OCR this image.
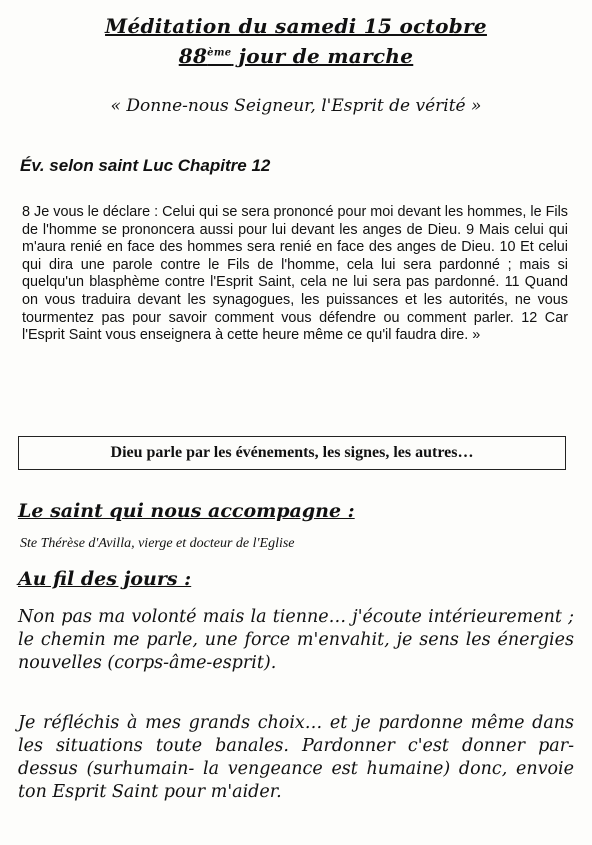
Méditation du samedi 15 octobre
88ème jour de marche
« Donne-nous Seigneur, l'Esprit de vérité »
Év. selon saint Luc Chapitre 12
8 Je vous le déclare : Celui qui se sera prononcé pour moi devant les hommes, le Fils de l'homme se prononcera aussi pour lui devant les anges de Dieu. 9 Mais celui qui m'aura renié en face des hommes sera renié en face des anges de Dieu. 10 Et celui qui dira une parole contre le Fils de l'homme, cela lui sera pardonné ; mais si quelqu'un blasphème contre l'Esprit Saint, cela ne lui sera pas pardonné. 11 Quand on vous traduira devant les synagogues, les puissances et les autorités, ne vous tourmentez pas pour savoir comment vous défendre ou comment parler. 12 Car l'Esprit Saint vous enseignera à cette heure même ce qu'il faudra dire. »
Dieu parle par les événements, les signes, les autres…
Le saint qui nous accompagne :
Ste Thérèse d'Avilla, vierge et docteur de l'Eglise
Au fil des jours :
Non pas ma volonté mais la tienne… j'écoute intérieurement ; le chemin me parle, une force m'envahit, je sens les énergies nouvelles (corps-âme-esprit).
Je réfléchis à mes grands choix… et je pardonne même dans les situations toute banales. Pardonner c'est donner par-dessus (surhumain- la vengeance est humaine) donc, envoie ton Esprit Saint pour m'aider.
